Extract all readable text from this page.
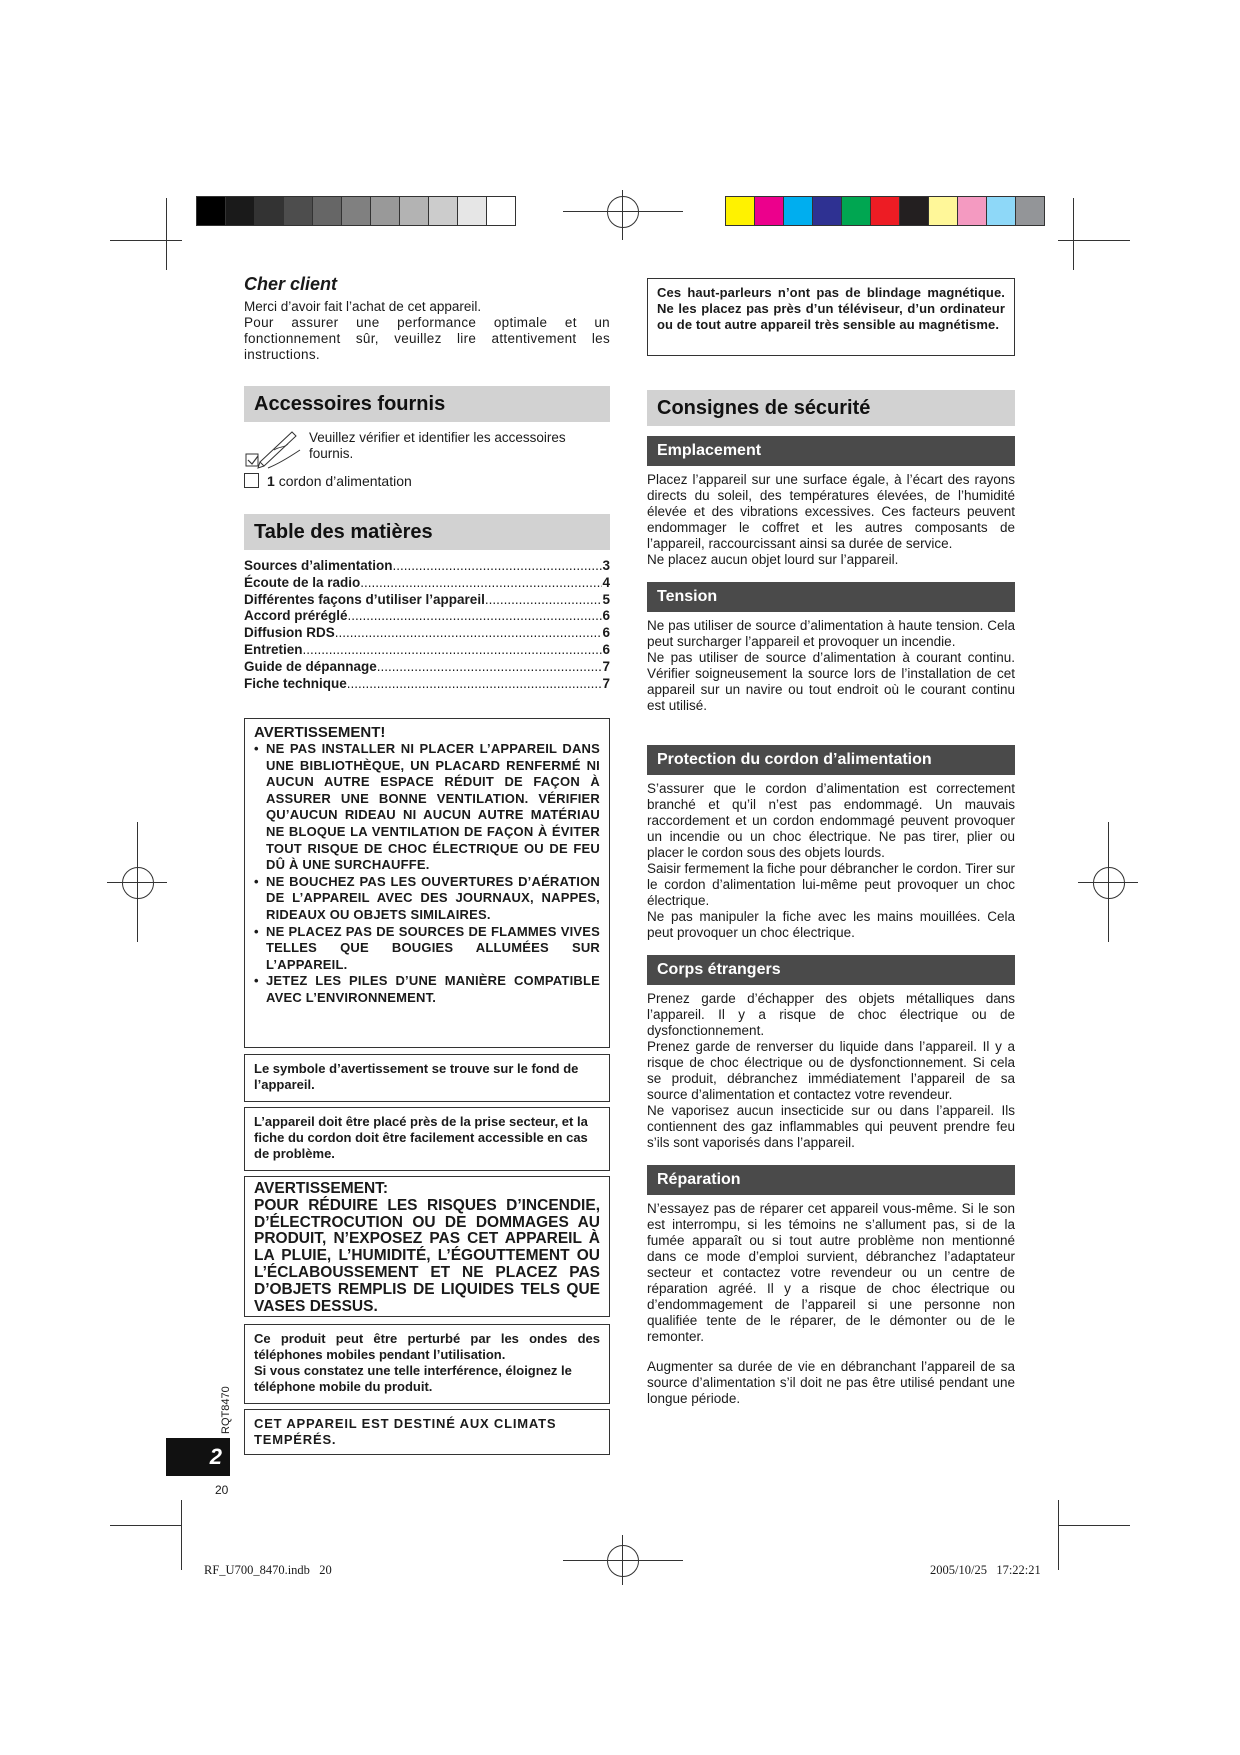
Cher client

Merci d’avoir fait l’achat de cet appareil.

Pour assurer une performance optimale et un fonctionnement sûr, veuillez lire attentivement les instructions.

Accessoires fournis

Veuillez vérifier et identifier les accessoires fournis.

1 cordon d’alimentation
Table des matières
Sources d’alimentation .....	3
Écoute de la radio .....	4
Différentes façons d’utiliser l’appareil .....	5
Accord préréglé .....	6
Diffusion RDS .....	6
Entretien .....	6
Guide de dépannage .....	7
Fiche technique .....	7

AVERTISSEMENT!

• NE PAS INSTALLER NI PLACER L’APPAREIL DANS UNE BIBLIOTHÈQUE, UN PLACARD RENFERMÉ NI AUCUN AUTRE ESPACE RÉDUIT DE FAÇON À ASSURER UNE BONNE VENTILATION. VÉRIFIER QU’AUCUN RIDEAU NI AUCUN AUTRE MATÉRIAU NE BLOQUE LA VENTILATION DE FAÇON À ÉVITER TOUT RISQUE DE CHOC ÉLECTRIQUE OU DE FEU DÛ À UNE SURCHAUFFE.
• NE BOUCHEZ PAS LES OUVERTURES D’AÉRATION DE L’APPAREIL AVEC DES JOURNAUX, NAPPES, RIDEAUX OU OBJETS SIMILAIRES.
• NE PLACEZ PAS DE SOURCES DE FLAMMES VIVES TELLES QUE BOUGIES ALLUMÉES SUR L’APPAREIL.
• JETEZ LES PILES D’UNE MANIÈRE COMPATIBLE AVEC L’ENVIRONNEMENT.
Le symbole d’avertissement se trouve sur le fond de l’appareil.
L’appareil doit être placé près de la prise secteur, et la fiche du cordon doit être facilement accessible en cas de problème.

AVERTISSEMENT:

POUR RÉDUIRE LES RISQUES D’INCENDIE, D’ÉLECTROCUTION OU DE DOMMAGES AU PRODUIT, N’EXPOSEZ PAS CET APPAREIL À LA PLUIE, L’HUMIDITÉ, L’ÉGOUTTEMENT OU L’ÉCLABOUSSEMENT ET NE PLACEZ PAS D’OBJETS REMPLIS DE LIQUIDES TELS QUE VASES DESSUS.

Ce produit peut être perturbé par les ondes des téléphones mobiles pendant l’utilisation.
Si vous constatez une telle interférence, éloignez le téléphone mobile du produit.
CET APPAREIL EST DESTINÉ AUX CLIMATS TEMPÉRÉS.
RQT8470
2
20
RF_U700_8470.indb   20	2005/10/25   17:22:21
Ces haut-parleurs n’ont pas de blindage magnétique. Ne les placez pas près d’un téléviseur, d’un ordinateur ou de tout autre appareil très sensible au magnétisme.
Consignes de sécurité
Emplacement

Placez l’appareil sur une surface égale, à l’écart des rayons directs du soleil, des températures élevées, de l’humidité élevée et des vibrations excessives. Ces facteurs peuvent endommager le coffret et les autres composants de l’appareil, raccourcissant ainsi sa durée de service.

Ne placez aucun objet lourd sur l’appareil.

Tension

Ne pas utiliser de source d’alimentation à haute tension. Cela peut surcharger l’appareil et provoquer un incendie.

Ne pas utiliser de source d’alimentation à courant continu. Vérifier soigneusement la source lors de l’installation de cet appareil sur un navire ou tout endroit où le courant continu est utilisé.

Protection du cordon d’alimentation

S’assurer que le cordon d’alimentation est correctement branché et qu’il n’est pas endommagé. Un mauvais raccordement et un cordon endommagé peuvent provoquer un incendie ou un choc électrique. Ne pas tirer, plier ou placer le cordon sous des objets lourds.

Saisir fermement la fiche pour débrancher le cordon. Tirer sur le cordon d’alimentation lui-même peut provoquer un choc électrique.

Ne pas manipuler la fiche avec les mains mouillées. Cela peut provoquer un choc électrique.

Corps étrangers

Prenez garde d’échapper des objets métalliques dans l’appareil. Il y a risque de choc électrique ou de dysfonctionnement.

Prenez garde de renverser du liquide dans l’appareil. Il y a risque de choc électrique ou de dysfonctionnement. Si cela se produit, débranchez immédiatement l’appareil de sa source d’alimentation et contactez votre revendeur.

Ne vaporisez aucun insecticide sur ou dans l’appareil. Ils contiennent des gaz inflammables qui peuvent prendre feu s’ils sont vaporisés dans l’appareil.

Réparation

N’essayez pas de réparer cet appareil vous-même. Si le son est interrompu, si les témoins ne s’allument pas, si de la fumée apparaît ou si tout autre problème non mentionné dans ce mode d’emploi survient, débranchez l’adaptateur secteur et contactez votre revendeur ou un centre de réparation agréé. Il y a risque de choc électrique ou d’endommagement de l’appareil si une personne non qualifiée tente de le réparer, de le démonter ou de le remonter.

Augmenter sa durée de vie en débranchant l’appareil de sa source d’alimentation s’il doit ne pas être utilisé pendant une longue période.
